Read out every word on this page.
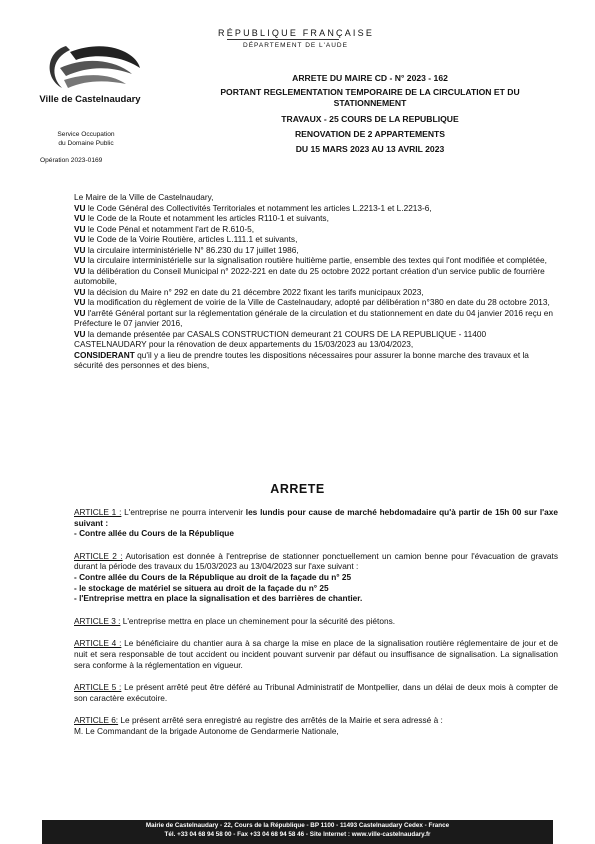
Ville de Castelnaudary
RÉPUBLIQUE FRANÇAISE
DÉPARTEMENT DE L'AUDE
Service Occupation
du Domaine Public
Opération 2023-0169
ARRETE DU MAIRE CD - N° 2023 - 162
PORTANT REGLEMENTATION TEMPORAIRE DE LA CIRCULATION ET DU
STATIONNEMENT
TRAVAUX - 25 COURS DE LA REPUBLIQUE
RENOVATION DE 2 APPARTEMENTS
DU 15 MARS 2023 AU 13 AVRIL 2023

Le Maire de la Ville de Castelnaudary,

VU le Code Général des Collectivités Territoriales et notamment les articles L.2213-1 et L.2213-6,

VU le Code de la Route et notamment les articles R110-1 et suivants,

VU le Code Pénal et notamment l'art de R.610-5,

VU le Code de la Voirie Routière, articles L.111.1 et suivants,

VU la circulaire interministérielle N° 86.230 du 17 juillet 1986,

VU la circulaire interministérielle sur la signalisation routière huitième partie, ensemble des textes qui l'ont modifiée et complétée,

VU la délibération du Conseil Municipal n° 2022-221 en date du 25 octobre 2022 portant création d'un service public de fourrière automobile,

VU la décision du Maire n° 292 en date du 21 décembre 2022 fixant les tarifs municipaux 2023,

VU la modification du règlement de voirie de la Ville de Castelnaudary, adopté par délibération n°380 en date du 28 octobre 2013,

VU l'arrêté Général portant sur la réglementation générale de la circulation et du stationnement en date du 04 janvier 2016 reçu en Préfecture le 07 janvier 2016,

VU la demande présentée par CASALS CONSTRUCTION demeurant 21 COURS DE LA REPUBLIQUE - 11400 CASTELNAUDARY pour la rénovation de deux appartements du 15/03/2023 au 13/04/2023,

CONSIDERANT qu'il y a lieu de prendre toutes les dispositions nécessaires pour assurer la bonne marche des travaux et la sécurité des personnes et des biens,

ARRETE

ARTICLE 1 : L'entreprise ne pourra intervenir les lundis pour cause de marché hebdomadaire qu'à partir de 15h 00 sur l'axe suivant :
- Contre allée du Cours de la République

ARTICLE 2 : Autorisation est donnée à l'entreprise de stationner ponctuellement un camion benne pour l'évacuation de gravats durant la période des travaux du 15/03/2023 au 13/04/2023 sur l'axe suivant :
- Contre allée du Cours de la République au droit de la façade du n° 25
- le stockage de matériel se situera au droit de la façade du n° 25
- l'Entreprise mettra en place la signalisation et des barrières de chantier.

ARTICLE 3 : L'entreprise mettra en place un cheminement pour la sécurité des piétons.

ARTICLE 4 : Le bénéficiaire du chantier aura à sa charge la mise en place de la signalisation routière réglementaire de jour et de nuit et sera responsable de tout accident ou incident pouvant survenir par défaut ou insuffisance de signalisation. La signalisation sera conforme à la réglementation en vigueur.

ARTICLE 5 : Le présent arrêté peut être déféré au Tribunal Administratif de Montpellier, dans un délai de deux mois à compter de son caractère exécutoire.

ARTICLE 6: Le présent arrêté sera enregistré au registre des arrêtés de la Mairie et sera adressé à :
M. Le Commandant de la brigade Autonome de Gendarmerie Nationale,

Mairie de Castelnaudary - 22, Cours de la République - BP 1100 - 11493 Castelnaudary Cedex - France
Tél. +33 04 68 94 58 00 - Fax +33 04 68 94 58 46 - Site Internet : www.ville-castelnaudary.fr
